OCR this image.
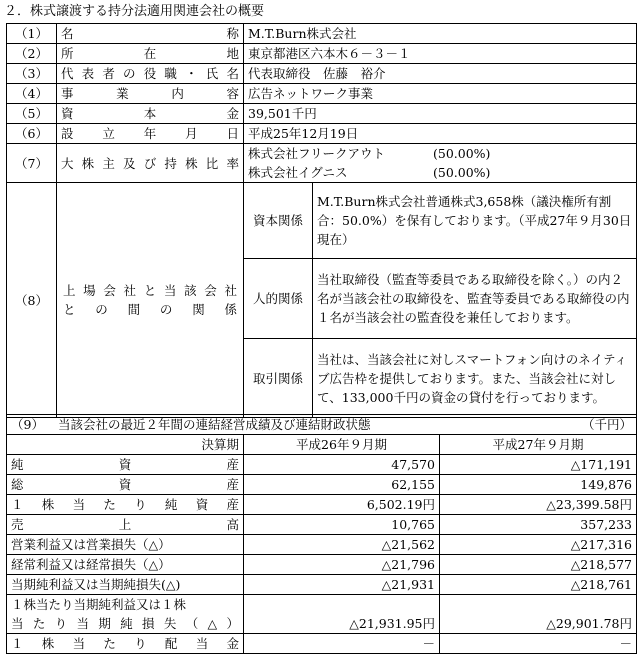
２．株式譲渡する持分法適用関連会社の概要
（1）	名　　　　　　　　　　称	M.T.Burn株式会社	
（2）	所　　　　在　　　　地	東京都港区六本木６－３－１	
（3）	代表者の役職・氏名	代表取締役　佐藤　裕介	
（4）	事　　業　　内　　容	広告ネットワーク事業	
（5）	資　　　　本　　　　金	39,501千円	
（6）	設　立　年　月　日	平成25年12月19日	
（7）	大株主及び持株比率	株式会社フリークアウト (50.00%)
株式会社イグニス (50.00%)	

（8）	上場会社と当該会社
と　の　間　の　関　係	資本関係	M.T.Burn株式会社普通株式3,658株（議決権所有割合：50.0%）を保有しております。（平成27年９月30日現在）
		人的関係	当社取締役（監査等委員である取締役を除く。）の内２名が当該会社の取締役を、監査等委員である取締役の内１名が当該会社の監査役を兼任しております。
		取引関係	当社は、当該会社に対しスマートフォン向けのネイティブ広告枠を提供しております。また、当該会社に対して、133,000千円の資金の貸付を行っております。
（9） 当該会社の最近２年間の連結経営成績及び連結財政状態 （千円）		

決算期	平成26年９月期	平成27年９月期
純　　　　資　　　　産	47,570	△171,191
総　　　　資　　　　産	62,155	149,876
１　株　当　た　り　純　資　産	6,502.19円	△23,399.58円
売　　　　上　　　　高	10,765	357,233
営業利益又は営業損失（△）	△21,562	△217,316
経常利益又は経常損失（△）	△21,796	△218,577
当期純利益又は当期純損失(△)	△21,931	△218,761

１株当たり当期純利益又は１株
当たり当期純損失（△）	△21,931.95円	△29,901.78円
１　株　当　た　り　配　当　金	－	－
